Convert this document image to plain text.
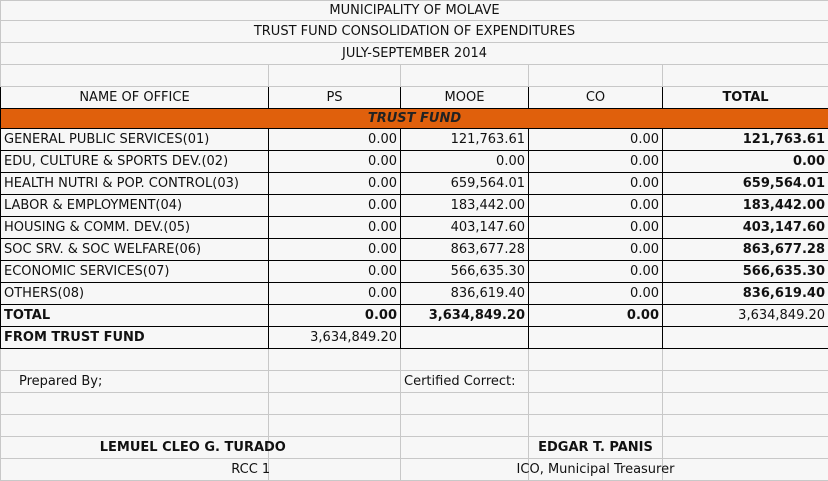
MUNICIPALITY OF MOLAVE				
TRUST FUND CONSOLIDATION OF EXPENDITURES				
JULY-SEPTEMBER 2014				

NAME OF OFFICE	PS	MOOE	CO	TOTAL
TRUST FUND				
GENERAL PUBLIC SERVICES(01)	0.00	121,763.61	0.00	121,763.61
EDU, CULTURE & SPORTS DEV.(02)	0.00	0.00	0.00	0.00
HEALTH NUTRI & POP. CONTROL(03)	0.00	659,564.01	0.00	659,564.01
LABOR & EMPLOYMENT(04)	0.00	183,442.00	0.00	183,442.00
HOUSING & COMM. DEV.(05)	0.00	403,147.60	0.00	403,147.60
SOC SRV. & SOC WELFARE(06)	0.00	863,677.28	0.00	863,677.28
ECONOMIC SERVICES(07)	0.00	566,635.30	0.00	566,635.30
OTHERS(08)	0.00	836,619.40	0.00	836,619.40
TOTAL	0.00	3,634,849.20	0.00	3,634,849.20
FROM TRUST FUND	3,634,849.20			

Prepared By;		Certified Correct:		

LEMUEL CLEO G. TURADO			EDGAR T. PANIS	
RCC 1			ICO, Municipal Treasurer	
